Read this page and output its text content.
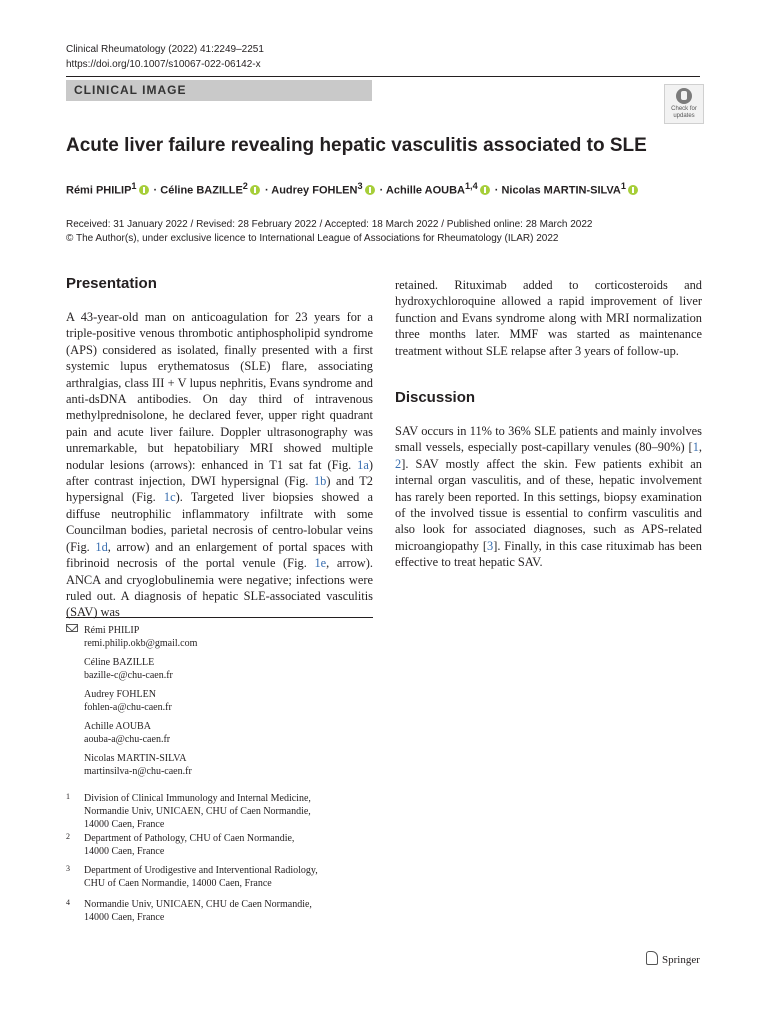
Clinical Rheumatology (2022) 41:2249–2251
https://doi.org/10.1007/s10067-022-06142-x
CLINICAL IMAGE
Check for
updates
Acute liver failure revealing hepatic vasculitis associated to SLE
Rémi $PHILIP^1$ · Céline $BAZILLE^2$ · Audrey $FOHLEN^3$ · Achille AOUBA$^{1,4}$ · Nicolas MARTIN-SILVA$^1$
Received: 31 January 2022 / Revised: 28 February 2022 / Accepted: 18 March 2022 / Published online: 28 March 2022
© The Author(s), under exclusive licence to International League of Associations for Rheumatology (ILAR) 2022
Presentation
A 43-year-old man on anticoagulation for 23 years for a triple-positive venous thrombotic antiphospholipid syndrome (APS) considered as isolated, finally presented with a first systemic lupus erythematosus (SLE) flare, associating arthralgias, class III + V lupus nephritis, Evans syndrome and anti-dsDNA antibodies. On day third of intravenous methylprednisolone, he declared fever, upper right quadrant pain and acute liver failure. Doppler ultrasonography was unremarkable, but hepatobiliary MRI showed multiple nodular lesions (arrows): enhanced in T1 sat fat (Fig. 1a) after contrast injection, DWI hypersignal (Fig. 1b) and T2 hypersignal (Fig. 1c). Targeted liver biopsies showed a diffuse neutrophilic inflammatory infiltrate with some Councilman bodies, parietal necrosis of centro-lobular veins (Fig. 1d, arrow) and an enlargement of portal spaces with fibrinoid necrosis of the portal venule (Fig. 1e, arrow). ANCA and cryoglobulinemia were negative; infections were ruled out. A diagnosis of hepatic SLE-associated vasculitis (SAV) was
retained. Rituximab added to corticosteroids and hydroxychloroquine allowed a rapid improvement of liver function and Evans syndrome along with MRI normalization three months later. MMF was started as maintenance treatment without SLE relapse after 3 years of follow-up.
Discussion
SAV occurs in 11% to 36% SLE patients and mainly involves small vessels, especially post-capillary venules (80–90%) [1, 2]. SAV mostly affect the skin. Few patients exhibit an internal organ vasculitis, and of these, hepatic involvement has rarely been reported. In this settings, biopsy examination of the involved tissue is essential to confirm vasculitis and also look for associated diagnoses, such as APS-related microangiopathy [3]. Finally, in this case rituximab has been effective to treat hepatic SAV.
Rémi PHILIP
remi.philip.okb@gmail.com
Céline BAZILLE
bazille-c@chu-caen.fr
Audrey FOHLEN
fohlen-a@chu-caen.fr
Achille AOUBA
aouba-a@chu-caen.fr
Nicolas MARTIN-SILVA
martinsilva-n@chu-caen.fr
1 Division of Clinical Immunology and Internal Medicine,
Normandie Univ, UNICAEN, CHU of Caen Normandie,
14000 Caen, France
2 Department of Pathology, CHU of Caen Normandie,
14000 Caen, France
3 Department of Urodigestive and Interventional Radiology,
CHU of Caen Normandie, 14000 Caen, France
4 Normandie Univ, UNICAEN, CHU de Caen Normandie,
14000 Caen, France
Springer
